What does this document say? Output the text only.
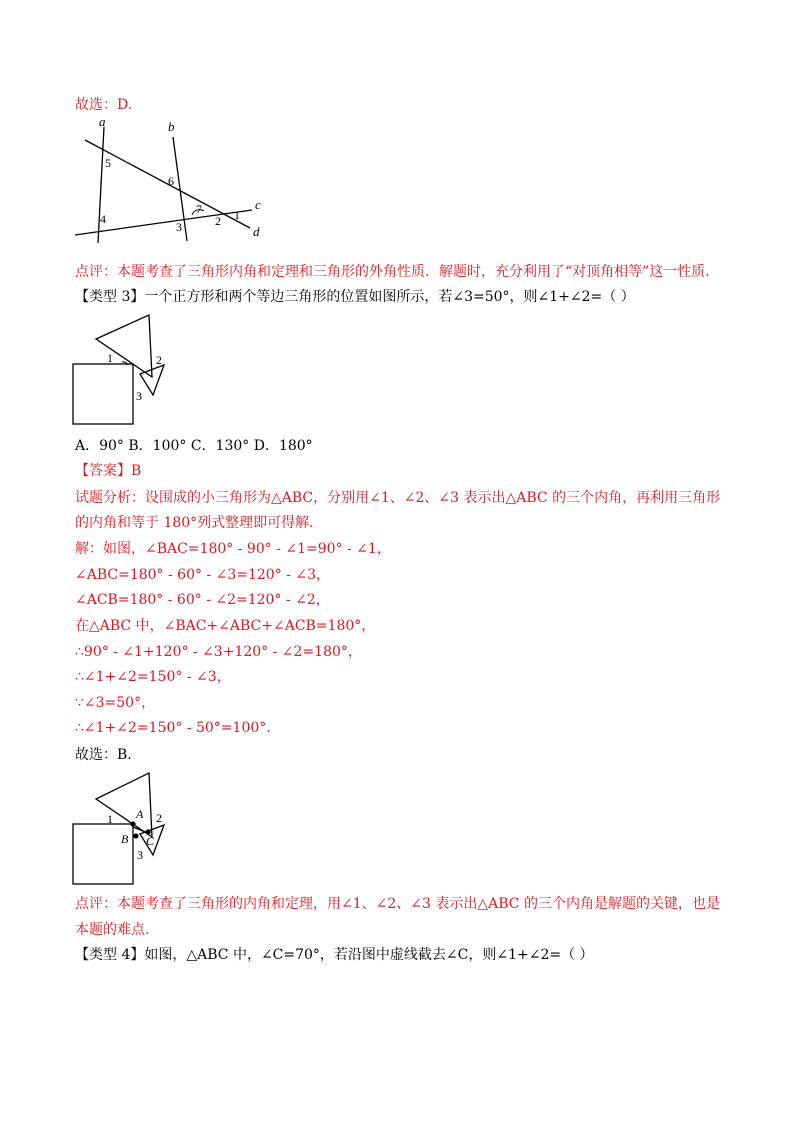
故选：D.
a	b
c
d
5
6
4
7
2 1
3
点评：本题考查了三角形内角和定理和三角形的外角性质．解题时，充分利用了“对顶角相等”这一性质．
【类型 3】一个正方形和两个等边三角形的位置如图所示，若∠3=50°，则∠1+∠2=（ ）
1	2
3
A．90° B．100° C．130° D．180°
【答案】B
试题分析：设围成的小三角形为△ABC，分别用∠1、∠2、∠3 表示出△ABC 的三个内角，再利用三角形
的内角和等于 180°列式整理即可得解.
解：如图，∠BAC=180° - 90° - ∠1=90° - ∠1，
∠ABC=180° - 60° - ∠3=120° - ∠3，
∠ACB=180° - 60° - ∠2=120° - ∠2，
在△ABC 中，∠BAC+∠ABC+∠ACB=180°，
∴90° - ∠1+120° - ∠3+120° - ∠2=180°，
∴∠1+∠2=150° - ∠3，
∵∠3=50°，
∴∠1+∠2=150° - 50°=100°.
故选：B.
1	2
3
A
B C
点评：本题考查了三角形的内角和定理，用∠1、∠2、∠3 表示出△ABC 的三个内角是解题的关键，也是
本题的难点.
【类型 4】如图，△ABC 中，∠C=70°，若沿图中虚线截去∠C，则∠1+∠2=（ ）
